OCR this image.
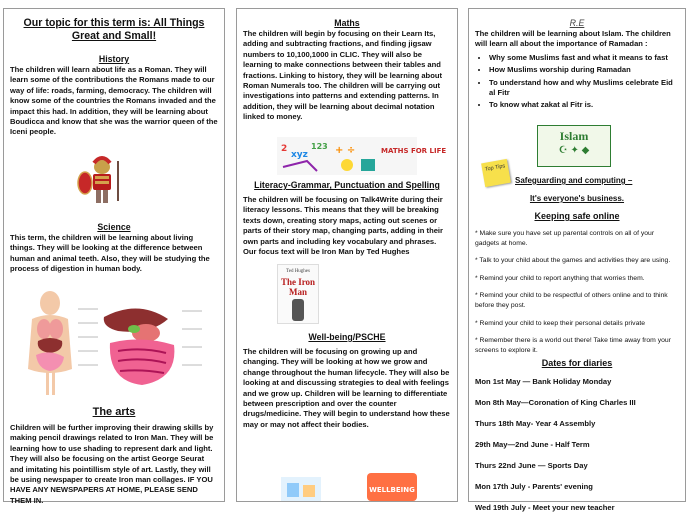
Our topic for this term is: All Things Great and Small!
History
The children will learn about life as a Roman. They will learn some of the contributions the Romans made to our way of life: roads, farming, democracy. The children will know some of the countries the Romans invaded and the impact this had. In addition, they will be learning about Boudicca and know that she was the warrior queen of the Iceni people.
Science
This term, the children will be learning about living things. They will be looking at the difference between human and animal teeth. Also, they will be studying the process of digestion in human body.
The arts
Children will be further improving their drawing skills by making pencil drawings related to Iron Man. They will be learning how to use shading to represent dark and light. They will also be focusing on the artist George Seurat and imitating his pointillism style of art. Lastly, they will be using newspaper to create Iron man collages. IF YOU HAVE ANY NEWSPAPERS AT HOME, PLEASE SEND THEM IN.
Maths
The children will begin by focusing on their Learn Its, adding and subtracting fractions, and finding jigsaw numbers to 10,100,1000 in CLIC. They will also be learning to make connections between their tables and fractions. Linking to history, they will be learning about Roman Numerals too. The children will be carrying out investigations into patterns and extending patterns. In addition, they will be learning about decimal notation linked to money.
2
xyz
123 + ÷	MATHS FOR LIFE
Literacy-Grammar, Punctuation and Spelling
The children will be focusing on Talk4Write during their literacy lessons. This means that they will be breaking texts down, creating story maps, acting out scenes or parts of their story map, changing parts, adding in their own parts and including key vocabulary and phrases. Our focus text will be Iron Man by Ted Hughes
Ted Hughes
The Iron Man
Well-being/PSCHE
The children will be focusing on growing up and changing. They will be looking at how we grow and change throughout the human lifecycle. They will also be looking at and discussing strategies to deal with feelings and we grow up. Children will be learning to differentiate between prescription and over the counter drugs/medicine. They will begin to understand how these may or may not affect their bodies.
WELLBEING
R.E
The children will be learning about Islam. The children will learn all about the importance of Ramadan :
• Why some Muslims fast and what it means to fast
• How Muslims worship during Ramadan
• To understand how and why Muslims celebrate Eid al Fitr
• To know what zakat al Fitr is.
Islam
☪ ✦ ◆
Top Tips
Safeguarding and computing –
It's everyone's business.
Keeping safe online
* Make sure you have set up parental controls on all of your gadgets at home.
* Talk to your child about the games and activities they are using.
* Remind your child to report anything that worries them.
* Remind your child to be respectful of others online and to think before they post.
* Remind your child to keep their personal details private
* Remember there is a world out there! Take time away from your screens to explore it.
Dates for diaries
Mon 1st May — Bank Holiday Monday
Mon 8th May—Coronation of King Charles III
Thurs 18th May- Year 4 Assembly
29th May—2nd June - Half Term
Thurs 22nd June — Sports Day
Mon 17th July - Parents' evening
Wed 19th July - Meet your new teacher
